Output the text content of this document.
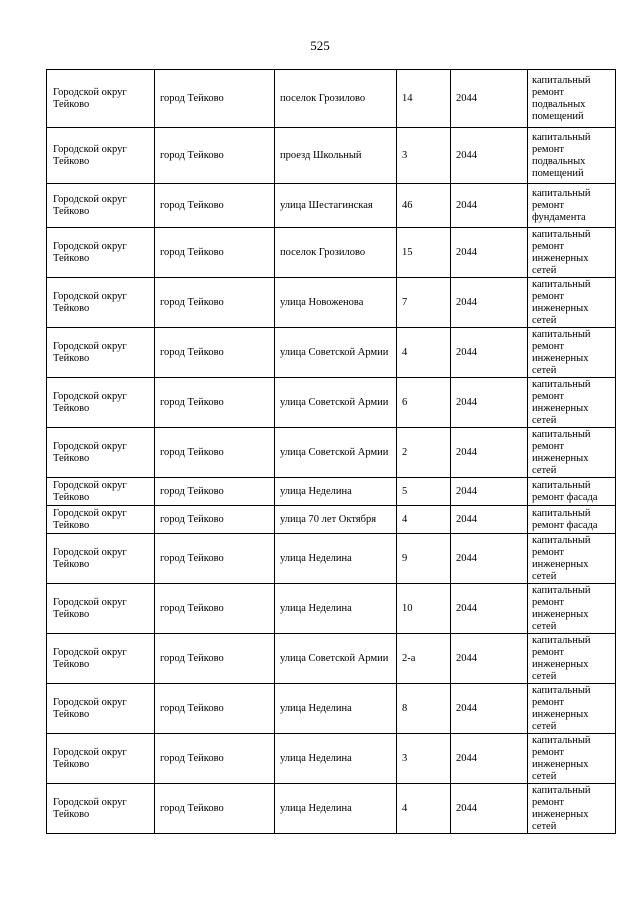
525
Городской округ Тейково	город Тейково	поселок Грозилово	14	2044	капитальный ремонт подвальных помещений
Городской округ Тейково	город Тейково	проезд Школьный	3	2044	капитальный ремонт подвальных помещений
Городской округ Тейково	город Тейково	улица Шестагинская	46	2044	капитальный ремонт фундамента
Городской округ Тейково	город Тейково	поселок Грозилово	15	2044	капитальный ремонт инженерных сетей
Городской округ Тейково	город Тейково	улица Новоженова	7	2044	капитальный ремонт инженерных сетей
Городской округ Тейково	город Тейково	улица Советской Армии	4	2044	капитальный ремонт инженерных сетей
Городской округ Тейково	город Тейково	улица Советской Армии	6	2044	капитальный ремонт инженерных сетей
Городской округ Тейково	город Тейково	улица Советской Армии	2	2044	капитальный ремонт инженерных сетей
Городской округ Тейково	город Тейково	улица Неделина	5	2044	капитальный ремонт фасада
Городской округ Тейково	город Тейково	улица 70 лет Октября	4	2044	капитальный ремонт фасада
Городской округ Тейково	город Тейково	улица Неделина	9	2044	капитальный ремонт инженерных сетей
Городской округ Тейково	город Тейково	улица Неделина	10	2044	капитальный ремонт инженерных сетей
Городской округ Тейково	город Тейково	улица Советской Армии	2-а	2044	капитальный ремонт инженерных сетей
Городской округ Тейково	город Тейково	улица Неделина	8	2044	капитальный ремонт инженерных сетей
Городской округ Тейково	город Тейково	улица Неделина	3	2044	капитальный ремонт инженерных сетей
Городской округ Тейково	город Тейково	улица Неделина	4	2044	капитальный ремонт инженерных сетей
